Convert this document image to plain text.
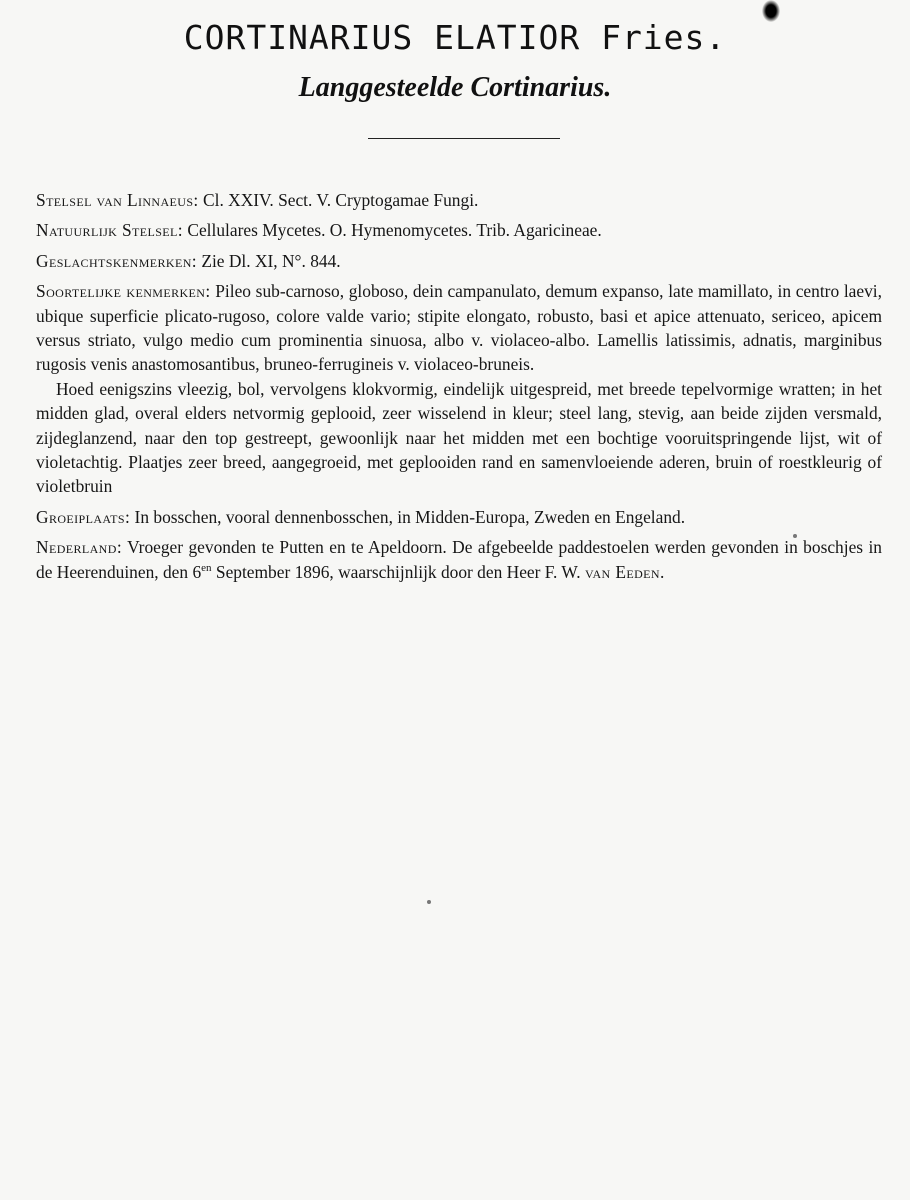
CORTINARIUS ELATIOR Fries.
Langgesteelde Cortinarius.

Stelsel van Linnaeus: Cl. XXIV. Sect. V. Cryptogamae Fungi.

Natuurlijk Stelsel: Cellulares Mycetes. O. Hymenomycetes. Trib. Agaricineae.

Geslachtskenmerken: Zie Dl. XI, N°. 844.

Soortelijke kenmerken: Pileo sub-carnoso, globoso, dein campanulato, demum expanso, late mamillato, in centro laevi, ubique superficie plicato-rugoso, colore valde vario; stipite elongato, robusto, basi et apice attenuato, sericeo, apicem versus striato, vulgo medio cum prominentia sinuosa, albo v. violaceo-albo. Lamellis latissimis, adnatis, marginibus rugosis venis anastomosantibus, bruneo-ferrugineis v. violaceo-bruneis.

Hoed eenigszins vleezig, bol, vervolgens klokvormig, eindelijk uitgespreid, met breede tepelvormige wratten; in het midden glad, overal elders netvormig geplooid, zeer wisselend in kleur; steel lang, stevig, aan beide zijden versmald, zijdeglanzend, naar den top gestreept, gewoonlijk naar het midden met een bochtige vooruitspringende lijst, wit of violetachtig. Plaatjes zeer breed, aangegroeid, met geplooiden rand en samenvloeiende aderen, bruin of roestkleurig of violetbruin

Groeiplaats: In bosschen, vooral dennenbosschen, in Midden-Europa, Zweden en Engeland.

Nederland: Vroeger gevonden te Putten en te Apeldoorn. De afgebeelde paddestoelen werden gevonden in boschjes in de Heerenduinen, den $6^{en}$ September 1896, waarschijnlijk door den Heer F. W. van Eeden.
